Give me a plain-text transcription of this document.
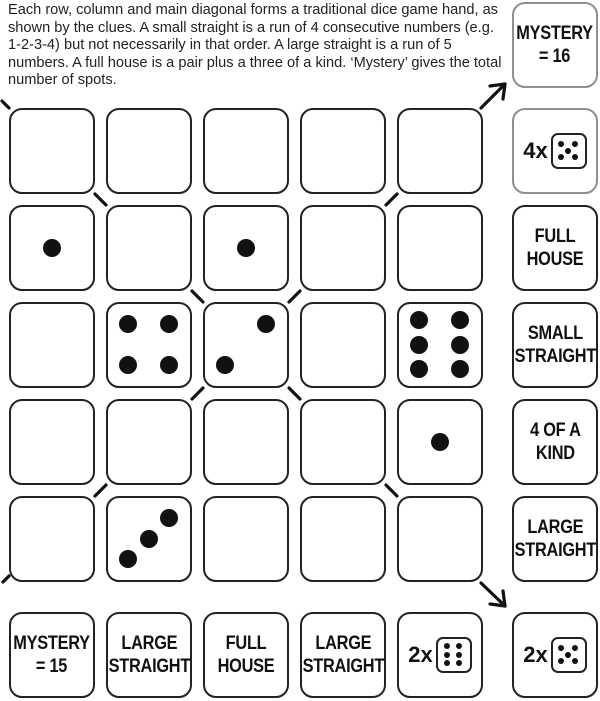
Each row, column and main diagonal forms a traditional dice game hand, as shown by the clues. A small straight is a run of 4 consecutive numbers (e.g. 1-2-3-4) but not necessarily in that order. A large straight is a run of 5 numbers. A full house is a pair plus a three of a kind. ‘Mystery’ gives the total number of spots.
4x
FULL
HOUSE
SMALL
STRAIGHT
4 OF A
KIND
LARGE
STRAIGHT
MYSTERY
= 15
LARGE
STRAIGHT
FULL
HOUSE
LARGE
STRAIGHT 2x
MYSTERY
= 16
2x
